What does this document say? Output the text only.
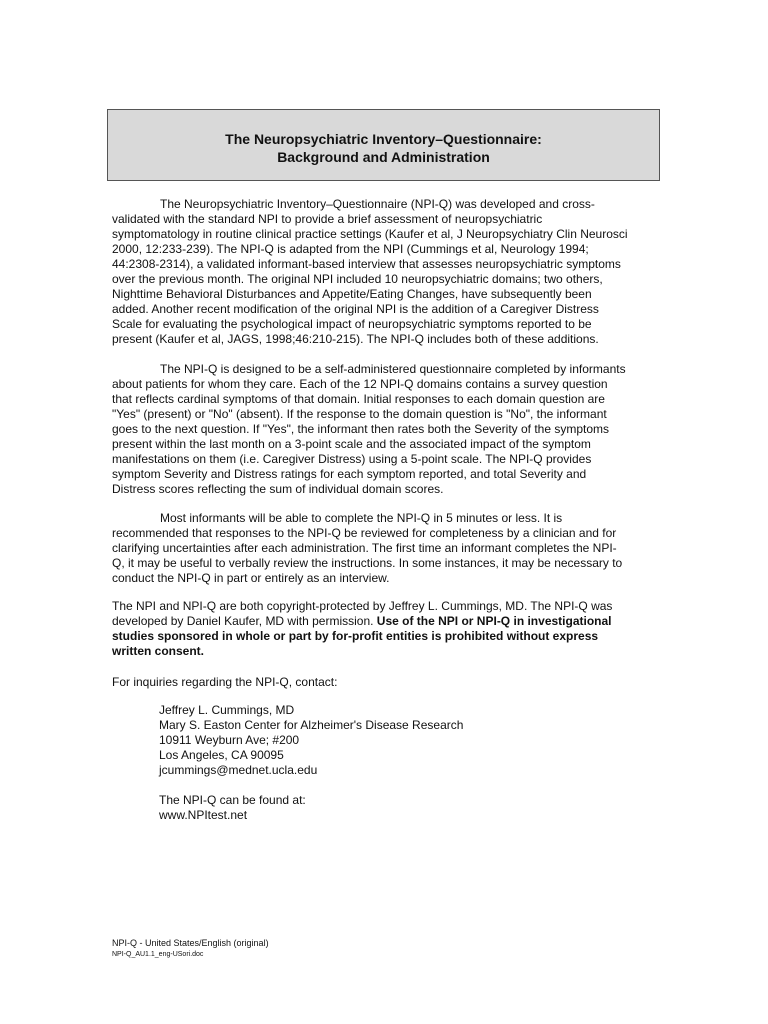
The Neuropsychiatric Inventory–Questionnaire:
Background and Administration

The Neuropsychiatric Inventory–Questionnaire (NPI-Q) was developed and cross-
validated with the standard NPI to provide a brief assessment of neuropsychiatric
symptomatology in routine clinical practice settings (Kaufer et al, J Neuropsychiatry Clin Neurosci
2000, 12:233-239). The NPI-Q is adapted from the NPI (Cummings et al, Neurology 1994;
44:2308-2314), a validated informant-based interview that assesses neuropsychiatric symptoms
over the previous month. The original NPI included 10 neuropsychiatric domains; two others,
Nighttime Behavioral Disturbances and Appetite/Eating Changes, have subsequently been
added. Another recent modification of the original NPI is the addition of a Caregiver Distress
Scale for evaluating the psychological impact of neuropsychiatric symptoms reported to be
present (Kaufer et al, JAGS, 1998;46:210-215). The NPI-Q includes both of these additions.

The NPI-Q is designed to be a self-administered questionnaire completed by informants
about patients for whom they care. Each of the 12 NPI-Q domains contains a survey question
that reflects cardinal symptoms of that domain. Initial responses to each domain question are
"Yes" (present) or "No" (absent). If the response to the domain question is "No", the informant
goes to the next question. If "Yes", the informant then rates both the Severity of the symptoms
present within the last month on a 3-point scale and the associated impact of the symptom
manifestations on them (i.e. Caregiver Distress) using a 5-point scale. The NPI-Q provides
symptom Severity and Distress ratings for each symptom reported, and total Severity and
Distress scores reflecting the sum of individual domain scores.

Most informants will be able to complete the NPI-Q in 5 minutes or less. It is
recommended that responses to the NPI-Q be reviewed for completeness by a clinician and for
clarifying uncertainties after each administration. The first time an informant completes the NPI-
Q, it may be useful to verbally review the instructions. In some instances, it may be necessary to
conduct the NPI-Q in part or entirely as an interview.

The NPI and NPI-Q are both copyright-protected by Jeffrey L. Cummings, MD. The NPI-Q was
developed by Daniel Kaufer, MD with permission. Use of the NPI or NPI-Q in investigational
studies sponsored in whole or part by for-profit entities is prohibited without express
written consent.

For inquiries regarding the NPI-Q, contact:

Jeffrey L. Cummings, MD
Mary S. Easton Center for Alzheimer's Disease Research
10911 Weyburn Ave; #200
Los Angeles, CA 90095
jcummings@mednet.ucla.edu
The NPI-Q can be found at:
www.NPItest.net
NPI-Q - United States/English (original)
NPI-Q_AU1.1_eng-USori.doc
